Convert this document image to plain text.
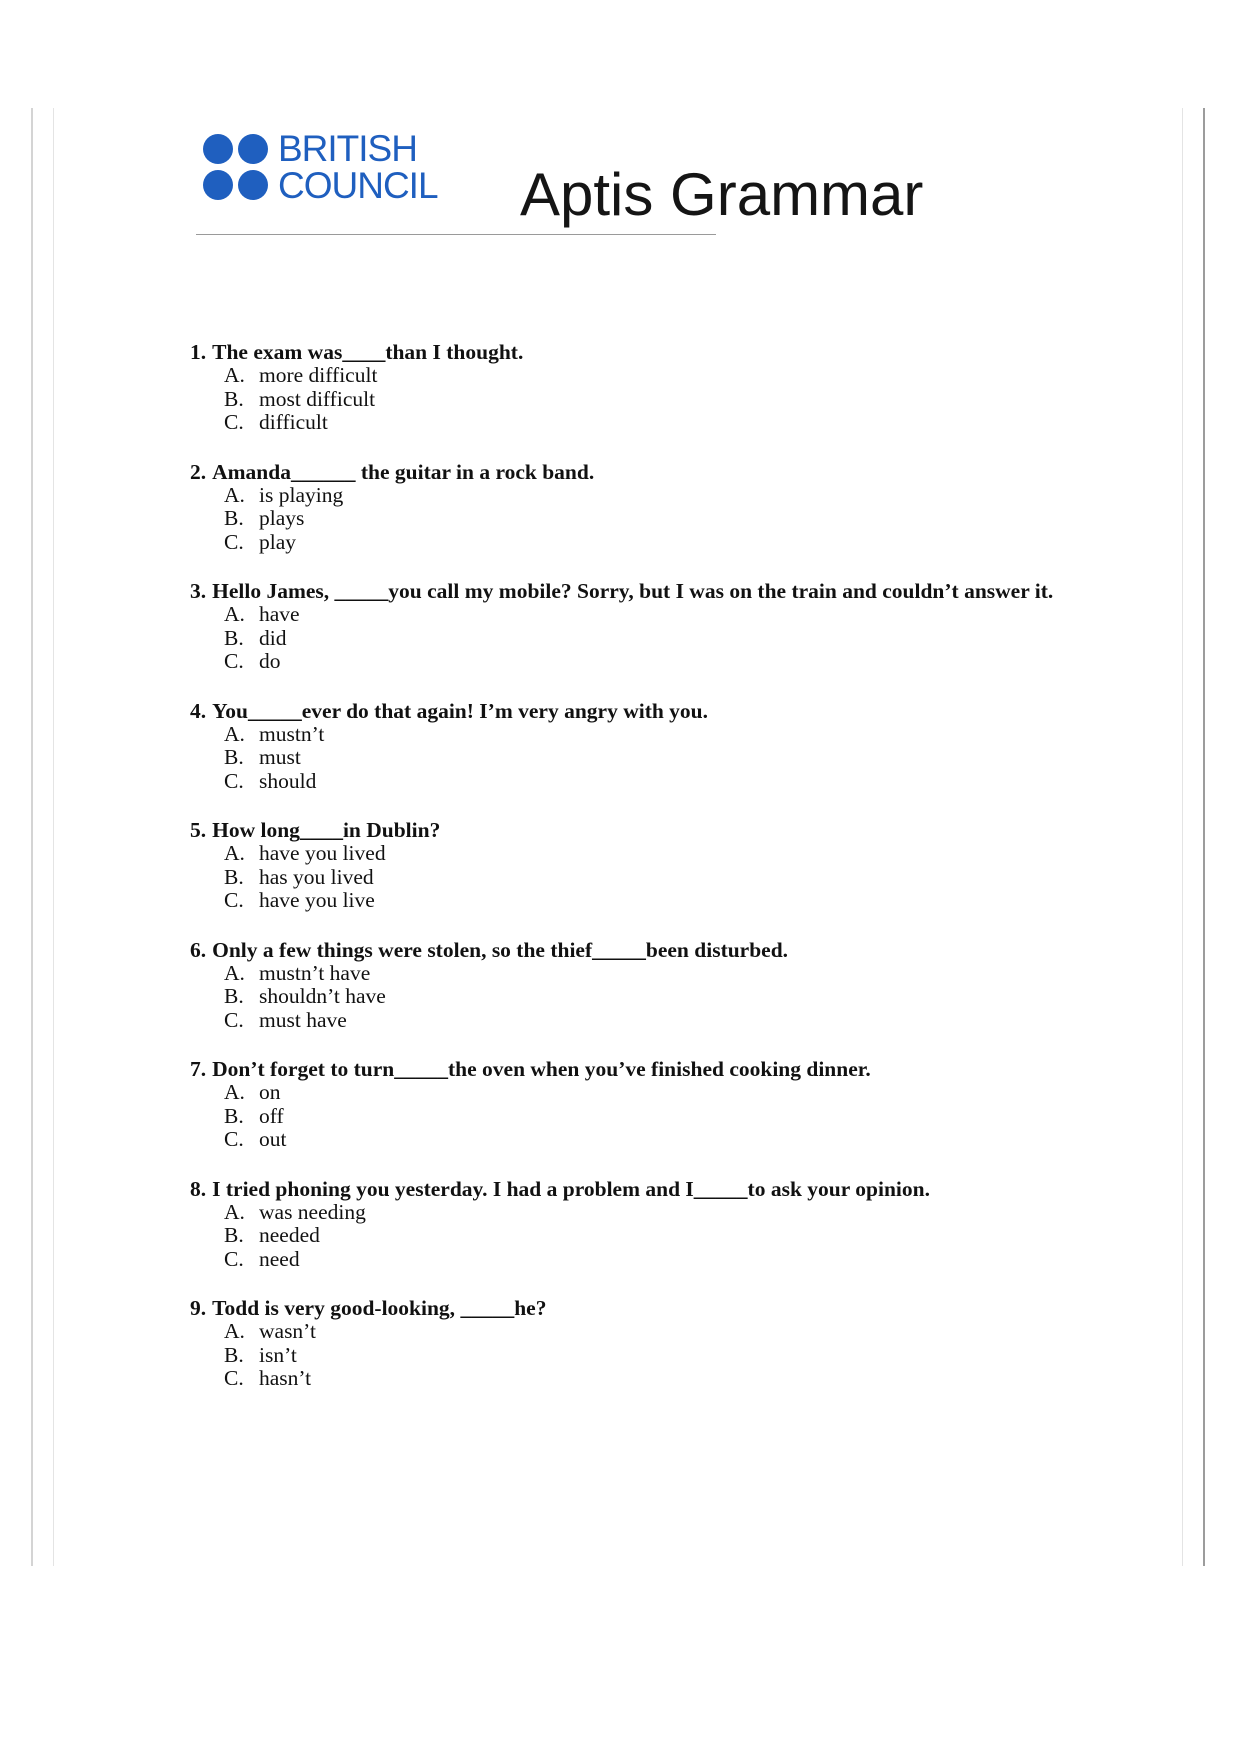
BRITISH
COUNCIL Aptis Grammar

1. The exam was____than I thought.

A. more difficult
B. most difficult
C. difficult

2. Amanda______ the guitar in a rock band.

A. is playing
B. plays
C. play

3. Hello James, _____you call my mobile? Sorry, but I was on the train and couldn’t answer it.

A. have
B. did
C. do

4. You_____ever do that again! I’m very angry with you.

A. mustn’t
B. must
C. should

5. How long____in Dublin?

A. have you lived
B. has you lived
C. have you live

6. Only a few things were stolen, so the thief_____been disturbed.

A. mustn’t have
B. shouldn’t have
C. must have

7. Don’t forget to turn_____the oven when you’ve finished cooking dinner.

A. on
B. off
C. out

8. I tried phoning you yesterday. I had a problem and I_____to ask your opinion.

A. was needing
B. needed
C. need

9. Todd is very good-looking, _____he?

A. wasn’t
B. isn’t
C. hasn’t
